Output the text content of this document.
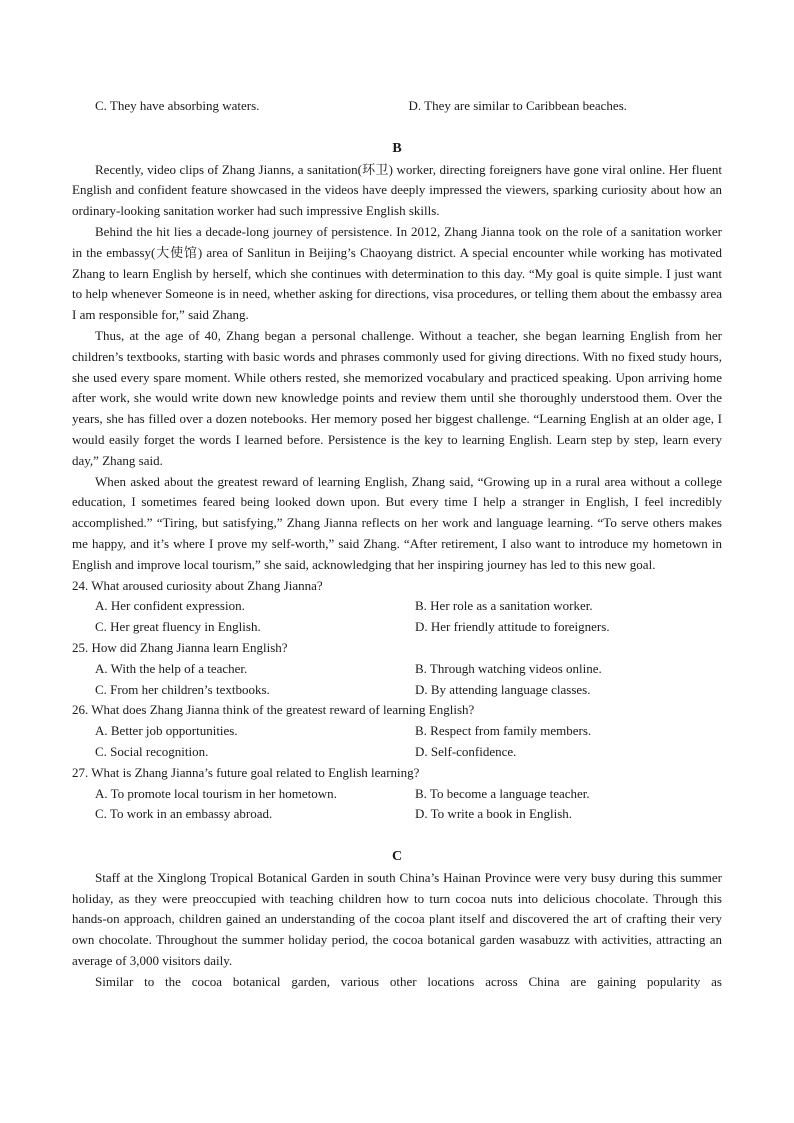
C. They have absorbing waters.	D. They are similar to Caribbean beaches.
B

Recently, video clips of Zhang Jianns, a sanitation(环卫) worker, directing foreigners have gone viral online. Her fluent English and confident feature showcased in the videos have deeply impressed the viewers, sparking curiosity about how an ordinary-looking sanitation worker had such impressive English skills.

Behind the hit lies a decade-long journey of persistence. In 2012, Zhang Jianna took on the role of a sanitation worker in the embassy(大使馆) area of Sanlitun in Beijing’s Chaoyang district. A special encounter while working has motivated Zhang to learn English by herself, which she continues with determination to this day. “My goal is quite simple. I just want to help whenever Someone is in need, whether asking for directions, visa procedures, or telling them about the embassy area I am responsible for,” said Zhang.

Thus, at the age of 40, Zhang began a personal challenge. Without a teacher, she began learning English from her children’s textbooks, starting with basic words and phrases commonly used for giving directions. With no fixed study hours, she used every spare moment. While others rested, she memorized vocabulary and practiced speaking. Upon arriving home after work, she would write down new knowledge points and review them until she thoroughly understood them. Over the years, she has filled over a dozen notebooks. Her memory posed her biggest challenge. “Learning English at an older age, I would easily forget the words I learned before. Persistence is the key to learning English. Learn step by step, learn every day,” Zhang said.

When asked about the greatest reward of learning English, Zhang said, “Growing up in a rural area without a college education, I sometimes feared being looked down upon. But every time I help a stranger in English, I feel incredibly accomplished.” “Tiring, but satisfying,” Zhang Jianna reflects on her work and language learning. “To serve others makes me happy, and it’s where I prove my self-worth,” said Zhang. “After retirement, I also want to introduce my hometown in English and improve local tourism,” she said, acknowledging that her inspiring journey has led to this new goal.

24. What aroused curiosity about Zhang Jianna?
A. Her confident expression.	B. Her role as a sanitation worker.
C. Her great fluency in English.	D. Her friendly attitude to foreigners.
25. How did Zhang Jianna learn English?
A. With the help of a teacher.	B. Through watching videos online.
C. From her children’s textbooks.	D. By attending language classes.
26. What does Zhang Jianna think of the greatest reward of learning English?
A. Better job opportunities.	B. Respect from family members.
C. Social recognition.	D. Self-confidence.
27. What is Zhang Jianna’s future goal related to English learning?
A. To promote local tourism in her hometown.	B. To become a language teacher.
C. To work in an embassy abroad.	D. To write a book in English.
C

Staff at the Xinglong Tropical Botanical Garden in south China’s Hainan Province were very busy during this summer holiday, as they were preoccupied with teaching children how to turn cocoa nuts into delicious chocolate. Through this hands-on approach, children gained an understanding of the cocoa plant itself and discovered the art of crafting their very own chocolate. Throughout the summer holiday period, the cocoa botanical garden wasabuzz with activities, attracting an average of 3,000 visitors daily.

Similar to the cocoa botanical garden, various other locations across China are gaining popularity as
